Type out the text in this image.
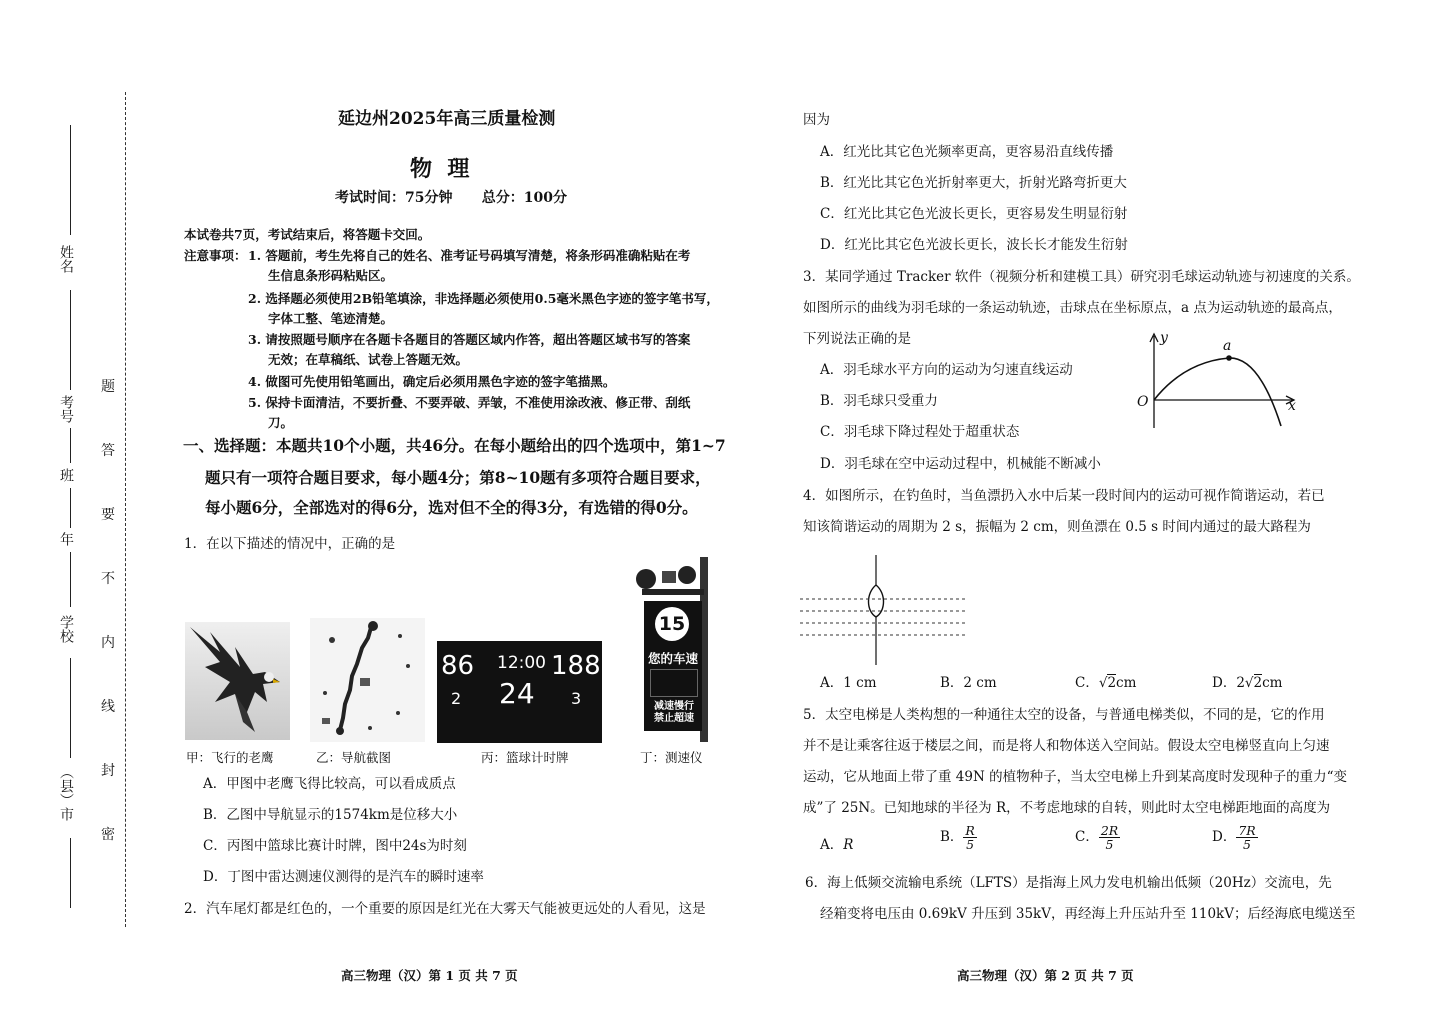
姓名
考号
班
年
学校
（县）市
题
答
要
不
内
线
封
密
延边州2025年高三质量检测
物  理
考试时间：75分钟      总分：100分
本试卷共7页，考试结束后，将答题卡交回。
注意事项： 1. 答题前，考生先将自己的姓名、准考证号码填写清楚，将条形码准确粘贴在考
生信息条形码粘贴区。
2. 选择题必须使用2B铅笔填涂，非选择题必须使用0.5毫米黑色字迹的签字笔书写，
字体工整、笔迹清楚。
3. 请按照题号顺序在各题卡各题目的答题区域内作答，超出答题区域书写的答案
无效；在草稿纸、试卷上答题无效。
4. 做图可先使用铅笔画出，确定后必须用黑色字迹的签字笔描黑。
5. 保持卡面清洁，不要折叠、不要弄破、弄皱，不准使用涂改液、修正带、刮纸
刀。
一、选择题：本题共10个小题，共46分。在每小题给出的四个选项中，第1~7
题只有一项符合题目要求，每小题4分；第8~10题有多项符合题目要求，
每小题6分，全部选对的得6分，选对但不全的得3分，有选错的得0分。
1．在以下描述的情况中，正确的是
86
2
12:00
24
188
3
15
您的车速
减速慢行
禁止超速
甲：飞行的老鹰	乙：导航截图	丙：篮球计时牌	丁：测速仪
A．甲图中老鹰飞得比较高，可以看成质点
B．乙图中导航显示的1574km是位移大小
C．丙图中篮球比赛计时牌，图中24s为时刻
D．丁图中雷达测速仪测得的是汽车的瞬时速率
2．汽车尾灯都是红色的，一个重要的原因是红光在大雾天气能被更远处的人看见，这是
高三物理（汉）第 1 页 共 7 页
因为
A．红光比其它色光频率更高，更容易沿直线传播
B．红光比其它色光折射率更大，折射光路弯折更大
C．红光比其它色光波长更长，更容易发生明显衍射
D．红光比其它色光波长更长，波长长才能发生衍射
3．某同学通过 Tracker 软件（视频分析和建模工具）研究羽毛球运动轨迹与初速度的关系。
如图所示的曲线为羽毛球的一条运动轨迹，击球点在坐标原点，a 点为运动轨迹的最高点，
下列说法正确的是
A．羽毛球水平方向的运动为匀速直线运动
B．羽毛球只受重力
C．羽毛球下降过程处于超重状态
D．羽毛球在空中运动过程中，机械能不断减小
y
x
O
a
4．如图所示，在钓鱼时，当鱼漂扔入水中后某一段时间内的运动可视作简谐运动，若已
知该简谐运动的周期为 2 s，振幅为 2 cm，则鱼漂在 0.5 s 时间内通过的最大路程为
A．1 cm	B．2 cm	C．√2cm	D．2√2cm
5．太空电梯是人类构想的一种通往太空的设备，与普通电梯类似，不同的是，它的作用
并不是让乘客往返于楼层之间，而是将人和物体送入空间站。假设太空电梯竖直向上匀速
运动，它从地面上带了重 49N 的植物种子，当太空电梯上升到某高度时发现种子的重力“变
成”了 25N。已知地球的半径为 R，不考虑地球的自转，则此时太空电梯距地面的高度为
A．R	B． $\frac{R}{5}$	C． $\frac{2R}{5}$	D． $\frac{7R}{5}$
6．海上低频交流输电系统（LFTS）是指海上风力发电机输出低频（20Hz）交流电，先
经箱变将电压由 0.69kV 升压到 35kV，再经海上升压站升至 110kV；后经海底电缆送至
高三物理（汉）第 2 页 共 7 页
